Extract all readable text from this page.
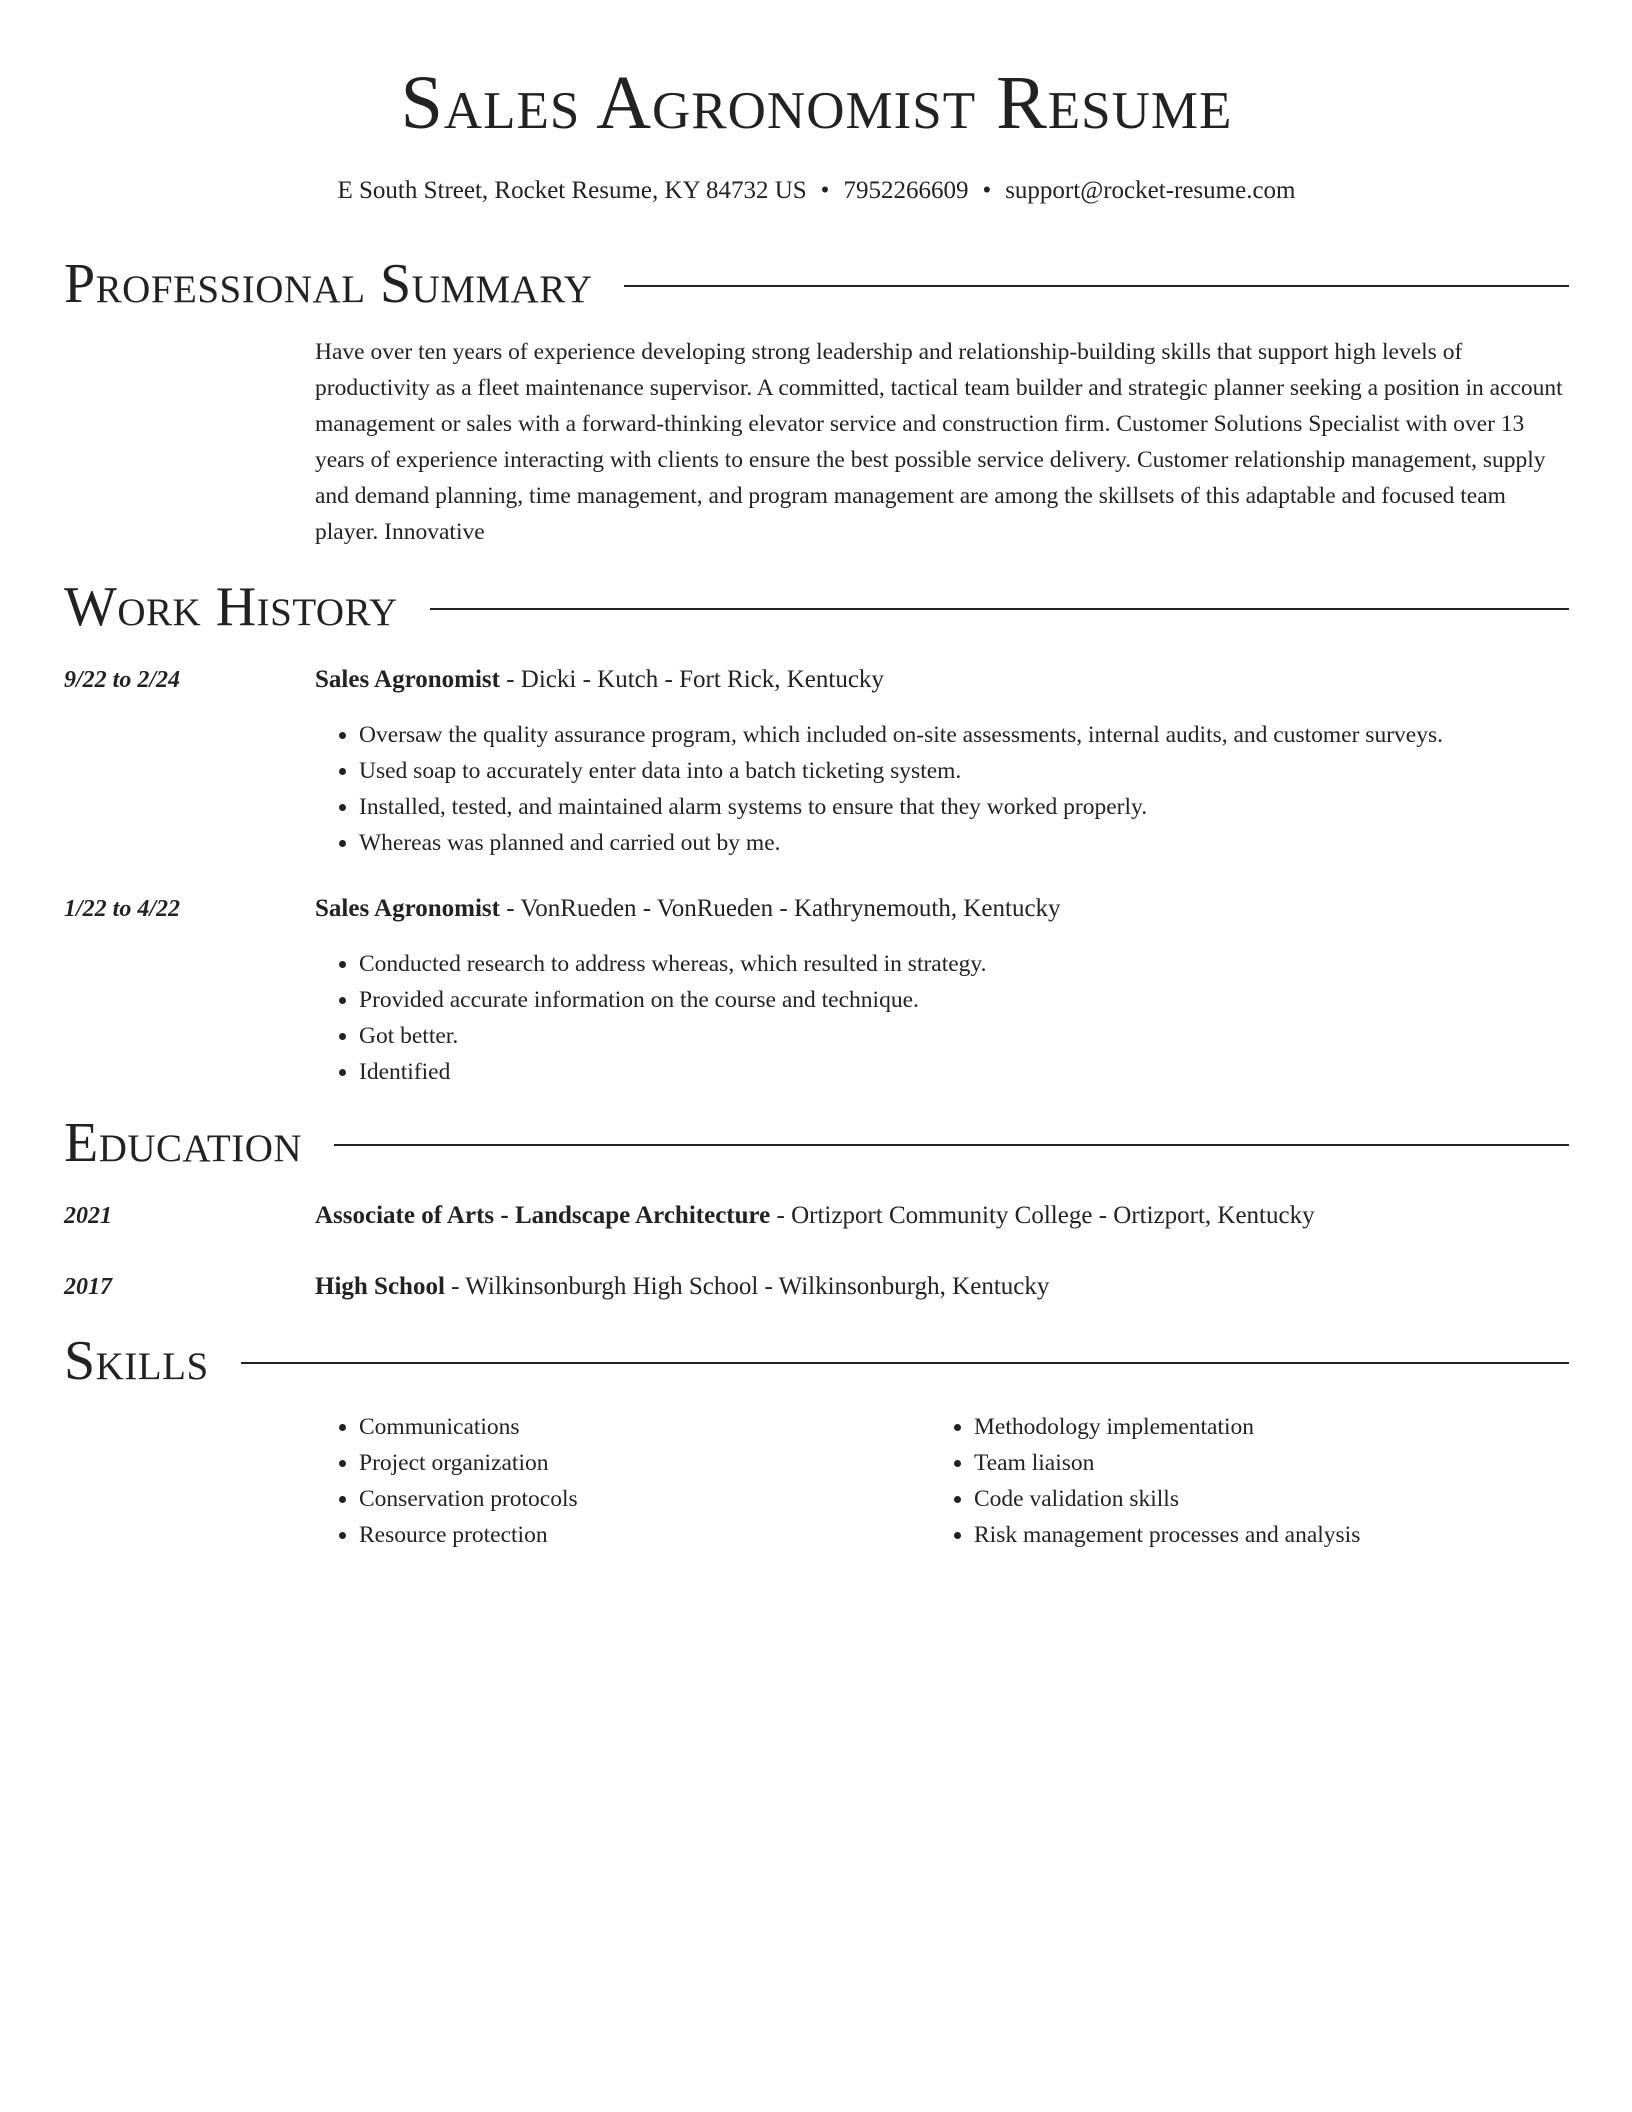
Sales Agronomist Resume
E South Street, Rocket Resume, KY 84732 US • 7952266609 • support@rocket-resume.com
Professional Summary
Have over ten years of experience developing strong leadership and relationship-building skills that support high levels of productivity as a fleet maintenance supervisor. A committed, tactical team builder and strategic planner seeking a position in account management or sales with a forward-thinking elevator service and construction firm. Customer Solutions Specialist with over 13 years of experience interacting with clients to ensure the best possible service delivery. Customer relationship management, supply and demand planning, time management, and program management are among the skillsets of this adaptable and focused team player. Innovative
Work History
9/22 to 2/24	Sales Agronomist - Dicki - Kutch - Fort Rick, Kentucky
• Oversaw the quality assurance program, which included on-site assessments, internal audits, and customer surveys.
• Used soap to accurately enter data into a batch ticketing system.
• Installed, tested, and maintained alarm systems to ensure that they worked properly.
• Whereas was planned and carried out by me.
1/22 to 4/22	Sales Agronomist - VonRueden - VonRueden - Kathrynemouth, Kentucky
• Conducted research to address whereas, which resulted in strategy.
• Provided accurate information on the course and technique.
• Got better.
• Identified
Education
2021	Associate of Arts - Landscape Architecture - Ortizport Community College - Ortizport, Kentucky
2017	High School - Wilkinsonburgh High School - Wilkinsonburgh, Kentucky
Skills
• Communications
• Project organization
• Conservation protocols
• Resource protection
• Methodology implementation
• Team liaison
• Code validation skills
• Risk management processes and analysis
